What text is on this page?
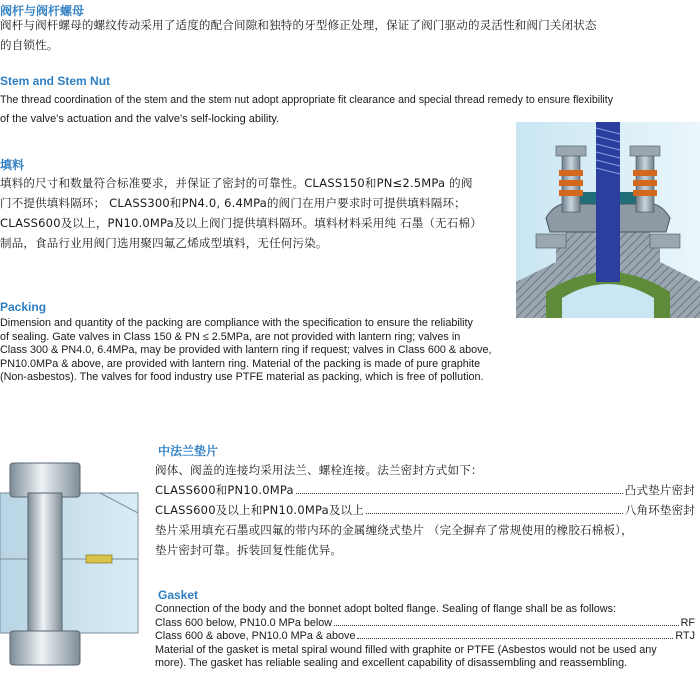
阀杆与阀杆螺母
阀杆与阀杆螺母的螺纹传动采用了适度的配合间隙和独特的牙型修正处理，保证了阀门驱动的灵活性和阀门关闭状态
的自锁性。
Stem and Stem Nut
The thread coordination of the stem and the stem nut adopt appropriate fit clearance and special thread remedy to ensure flexibility
of the valve's actuation and the valve's self-locking ability.
填料
填料的尺寸和数量符合标准要求，并保证了密封的可靠性。CLASS150和PN≤2.5MPa 的阀
门不提供填料隔环； CLASS300和PN4.0, 6.4MPa的阀门在用户要求时可提供填料隔环；
CLASS600及以上，PN10.0MPa及以上阀门提供填料隔环。填料材料采用纯 石墨（无石棉）
制品，食品行业用阀门选用聚四氟乙烯成型填料，无任何污染。
Packing
Dimension and quantity of the packing are compliance with the specification to ensure the reliability
of sealing. Gate valves in Class 150 & PN ≤ 2.5MPa, are not provided with lantern ring; valves in
Class 300 & PN4.0, 6.4MPa, may be provided with lantern ring if request; valves in Class 600 & above,
PN10.0MPa & above, are provided with lantern ring. Material of the packing is made of pure graphite
(Non-asbestos). The valves for food industry use PTFE material as packing, which is free of pollution.
中法兰垫片
阀体、阀盖的连接均采用法兰、螺栓连接。法兰密封方式如下：
CLASS600和PN10.0MPa	凸式垫片密封
CLASS600及以上和PN10.0MPa及以上	八角环垫密封
垫片采用填充石墨或四氟的带内环的金属缠绕式垫片 （完全摒弃了常规使用的橡胶石棉板），
垫片密封可靠。拆装回复性能优异。
Gasket
Connection of the body and the bonnet adopt bolted flange. Sealing of flange shall be as follows:
Class 600 below, PN10.0 MPa below	RF
Class 600 & above, PN10.0 MPa & above	RTJ
Material of the gasket is metal spiral wound filled with graphite or PTFE (Asbestos would not be used any
more). The gasket has reliable sealing and excellent capability of disassembling and reassembling.
